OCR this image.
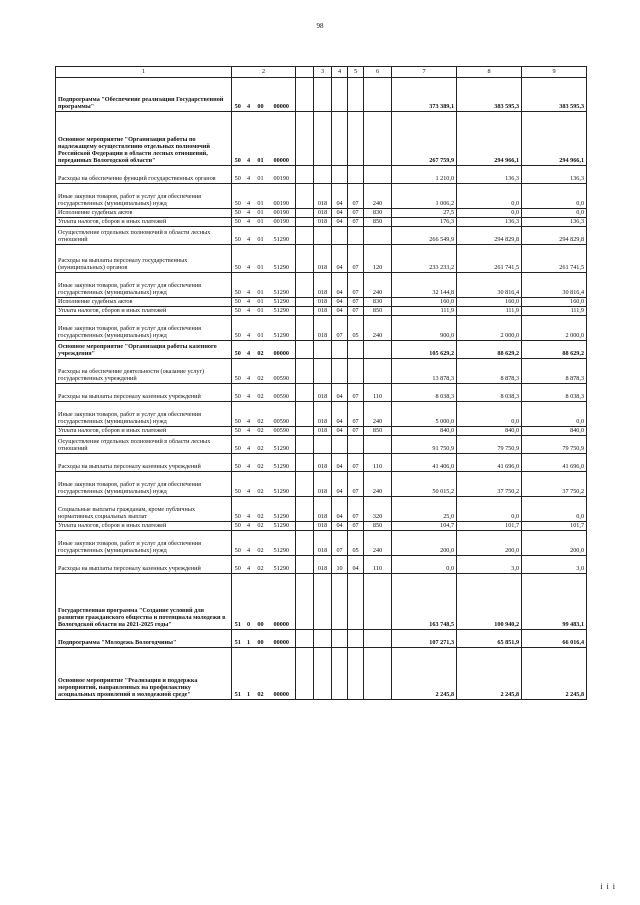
98
1	2					3	4	5	6	7	8	9
Подпрограмма "Обеспечение реализации Государственной программы"	50	4	00	00000						373 389,1	383 595,3	383 595,3
Основное мероприятие "Организация работы по надлежащему осуществлению отдельных полномочий Российской Федерации в области лесных отношений, переданных Вологодской области"	50	4	01	00000						267 759,9	294 966,1	294 966,1
Расходы на обеспечение функций государственных органов	50	4	01	00190						1 210,0	136,3	136,3
Иные закупки товаров, работ и услуг для обеспечения государственных (муниципальных) нужд	50	4	01	00190		018	04	07	240	1 006,2	0,0	0,0
Исполнение судебных актов	50	4	01	00190		018	04	07	830	27,5	0,0	0,0
Уплата налогов, сборов и иных платежей	50	4	01	00190		018	04	07	850	176,3	136,3	136,3
Осуществление отдельных полномочий в области лесных отношений	50	4	01	51290						266 549,9	294 829,8	294 829,8
Расходы на выплаты персоналу государственных (муниципальных) органов	50	4	01	51290		018	04	07	120	233 233,2	261 741,5	261 741,5
Иные закупки товаров, работ и услуг для обеспечения государственных (муниципальных) нужд	50	4	01	51290		018	04	07	240	32 144,8	30 816,4	30 816,4
Исполнение судебных актов	50	4	01	51290		018	04	07	830	160,0	160,0	160,0
Уплата налогов, сборов и иных платежей	50	4	01	51290		018	04	07	850	111,9	111,9	111,9
Иные закупки товаров, работ и услуг для обеспечения государственных (муниципальных) нужд	50	4	01	51290		018	07	05	240	900,0	2 000,0	2 000,0
Основное мероприятие "Организация работы казенного учреждения"	50	4	02	00000						105 629,2	88 629,2	88 629,2
Расходы на обеспечение деятельности (оказание услуг) государственных учреждений	50	4	02	00590						13 878,3	8 878,3	8 878,3
Расходы на выплаты персоналу казенных учреждений	50	4	02	00590		018	04	07	110	8 038,3	8 038,3	8 038,3
Иные закупки товаров, работ и услуг для обеспечения государственных (муниципальных) нужд	50	4	02	00590		018	04	07	240	5 000,0	0,0	0,0
Уплата налогов, сборов и иных платежей	50	4	02	00590		018	04	07	850	840,0	840,0	840,0
Осуществление отдельных полномочий в области лесных отношений	50	4	02	51290						91 750,9	79 750,9	79 750,9
Расходы на выплаты персоналу казенных учреждений	50	4	02	51290		018	04	07	110	41 406,0	41 696,0	41 696,0
Иные закупки товаров, работ и услуг для обеспечения государственных (муниципальных) нужд	50	4	02	51290		018	04	07	240	50 015,2	37 750,2	37 750,2
Социальные выплаты гражданам, кроме публичных нормативных социальных выплат	50	4	02	51290		018	04	07	320	25,0	0,0	0,0
Уплата налогов, сборов и иных платежей	50	4	02	51290		018	04	07	850	104,7	101,7	101,7
Иные закупки товаров, работ и услуг для обеспечения государственных (муниципальных) нужд	50	4	02	51290		018	07	05	240	200,0	200,0	200,0
Расходы на выплаты персоналу казенных учреждений	50	4	02	51290		018	10	04	110	0,0	3,0	3,0
Государственная программа "Создание условий для развития гражданского общества и потенциала молодежи в Вологодской области на 2021-2025 годы"	51	0	00	00000						163 748,5	100 940,2	99 483,1
Подпрограмма "Молодежь Вологодчины"	51	1	00	00000						107 271,3	65 851,9	66 016,4
Основное мероприятие "Реализация и поддержка мероприятий, направленных на профилактику асоциальных проявлений в молодежной среде"	51	1	02	00000						2 245,8	2 245,8	2 245,8
i i i
